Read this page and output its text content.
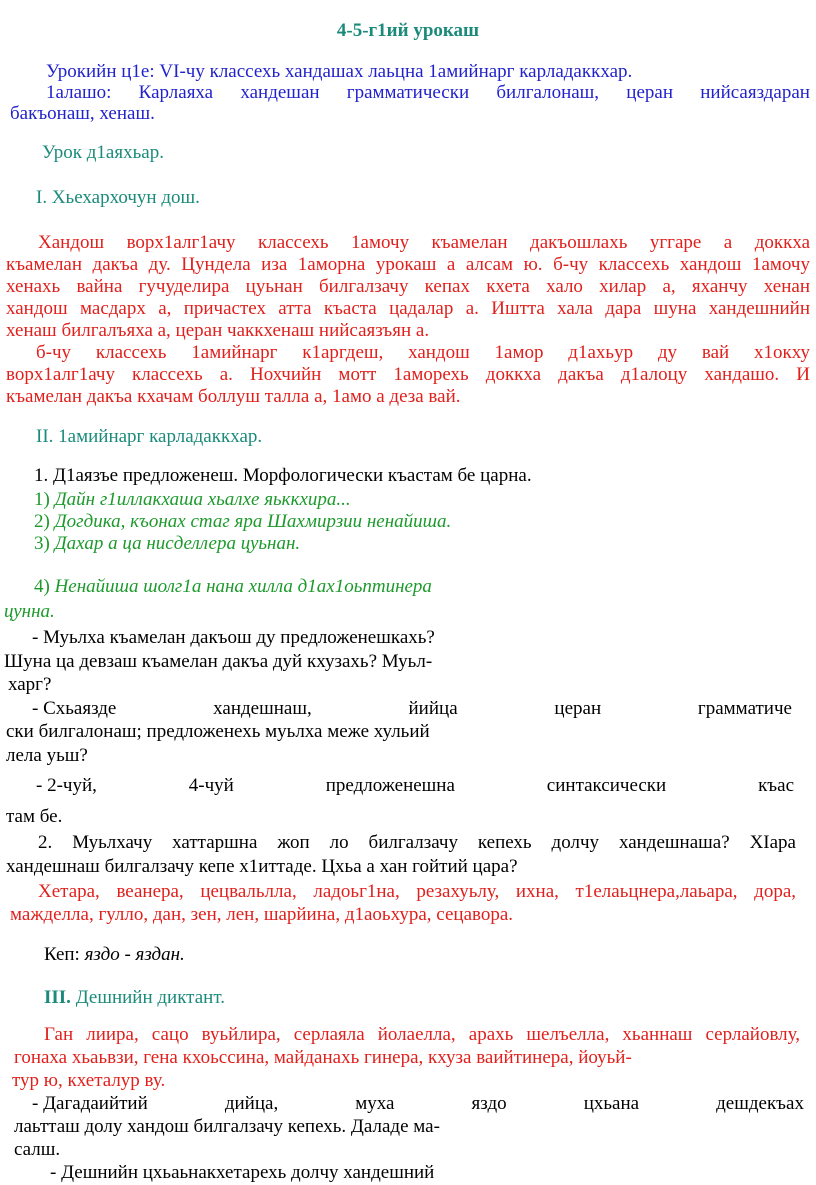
4-5-г1ий урокаш
Урокийн ц1е: VI-чу классехь хандашах лаьцна 1амийнарг карладаккхар.
1алашо: Карлаяха хандешан грамматически билгалонаш, церан нийсаяздаран
бакъонаш, хенаш.
Урок д1аяхьар.
I. Хьехархочун дош.
Хандош ворх1алг1ачу классехь 1амочу къамелан дакъошлахь уггаре а доккха
къамелан дакъа ду. Цундела иза 1аморна урокаш а алсам ю. б-чу классехь хандош 1амочу
хенахь вайна гучуделира цуьнан билгалзачу кепах кхета хало хилар а, яханчу хенан
хандош масдарх а, причастех атта къаста цадалар а. Иштта хала дара шуна хандешнийн
хенаш билгалъяха а, церан чаккхенаш нийсаязъян а.
б-чу классехь 1амийнарг к1аргдеш, хандош 1амор д1ахьур ду вай х1окху
ворх1алг1ачу классехь а. Нохчийн мотт 1аморехь доккха дакъа д1алоцу хандашо. И
къамелан дакъа кхачам боллуш талла а, 1амо а деза вай.
II. 1амийнарг карладаккхар.
1. Д1аязъе предложенеш. Морфологически къастам бе царна.
1) Дайн г1иллакхаша хьалхе яьккхира...
2) Догдика, къонах стаг яра Шахмирзии ненайиша.
3) Дахар а ца нисделлера цуьнан.
4) Ненайиша шолг1а нана хилла д1ах1оьптинера
цунна.
- Муьлха къамелан дакъош ду предложенешкахь?
Шуна ца девзаш къамелан дакъа дуй кхузахь? Муьл-
харг?
- Схьаязде	хандешнаш,	йийца	церан	грамматиче
ски билгалонаш; предложенехь муьлха меже хульий
лела уьш?
- 2-чуй,	4-чуй	предложенешна	синтаксически	къас
там бе.
2. Муьлхачу хаттаршна жоп ло билгалзачу кепехь долчу хандешнаша? XIара
хандешнаш билгалзачу кепе х1иттаде. Цхьа а хан гойтий цара?
Хетара, веанера, цецвальлла, ладоьг1на, резахуьлу, ихна, т1елаьцнера,лаьара, дора,
мажделла, гулло, дан, зен, лен, шарйина, д1аоьхура, сецавора.
Кеп: яздо - яздан.
III. Дешнийн диктант.
Ган лиира, сацо вуьйлира, серлаяла йолаелла, арахь шелъелла, хьаннаш серлайовлу,
гонаха хьаьвзи, гена кхоьссина, майданахь гинера, кхуза ваийтинера, йоуьй-
тур ю, кхеталур ву.
- Дагадаийтий	дийца,	муха	яздо	цхьана	дешдекъах
лаьтташ долу хандош билгалзачу кепехь. Даладе ма-
салш.
- Дешнийн цхьаьнакхетарехь долчу хандешний
